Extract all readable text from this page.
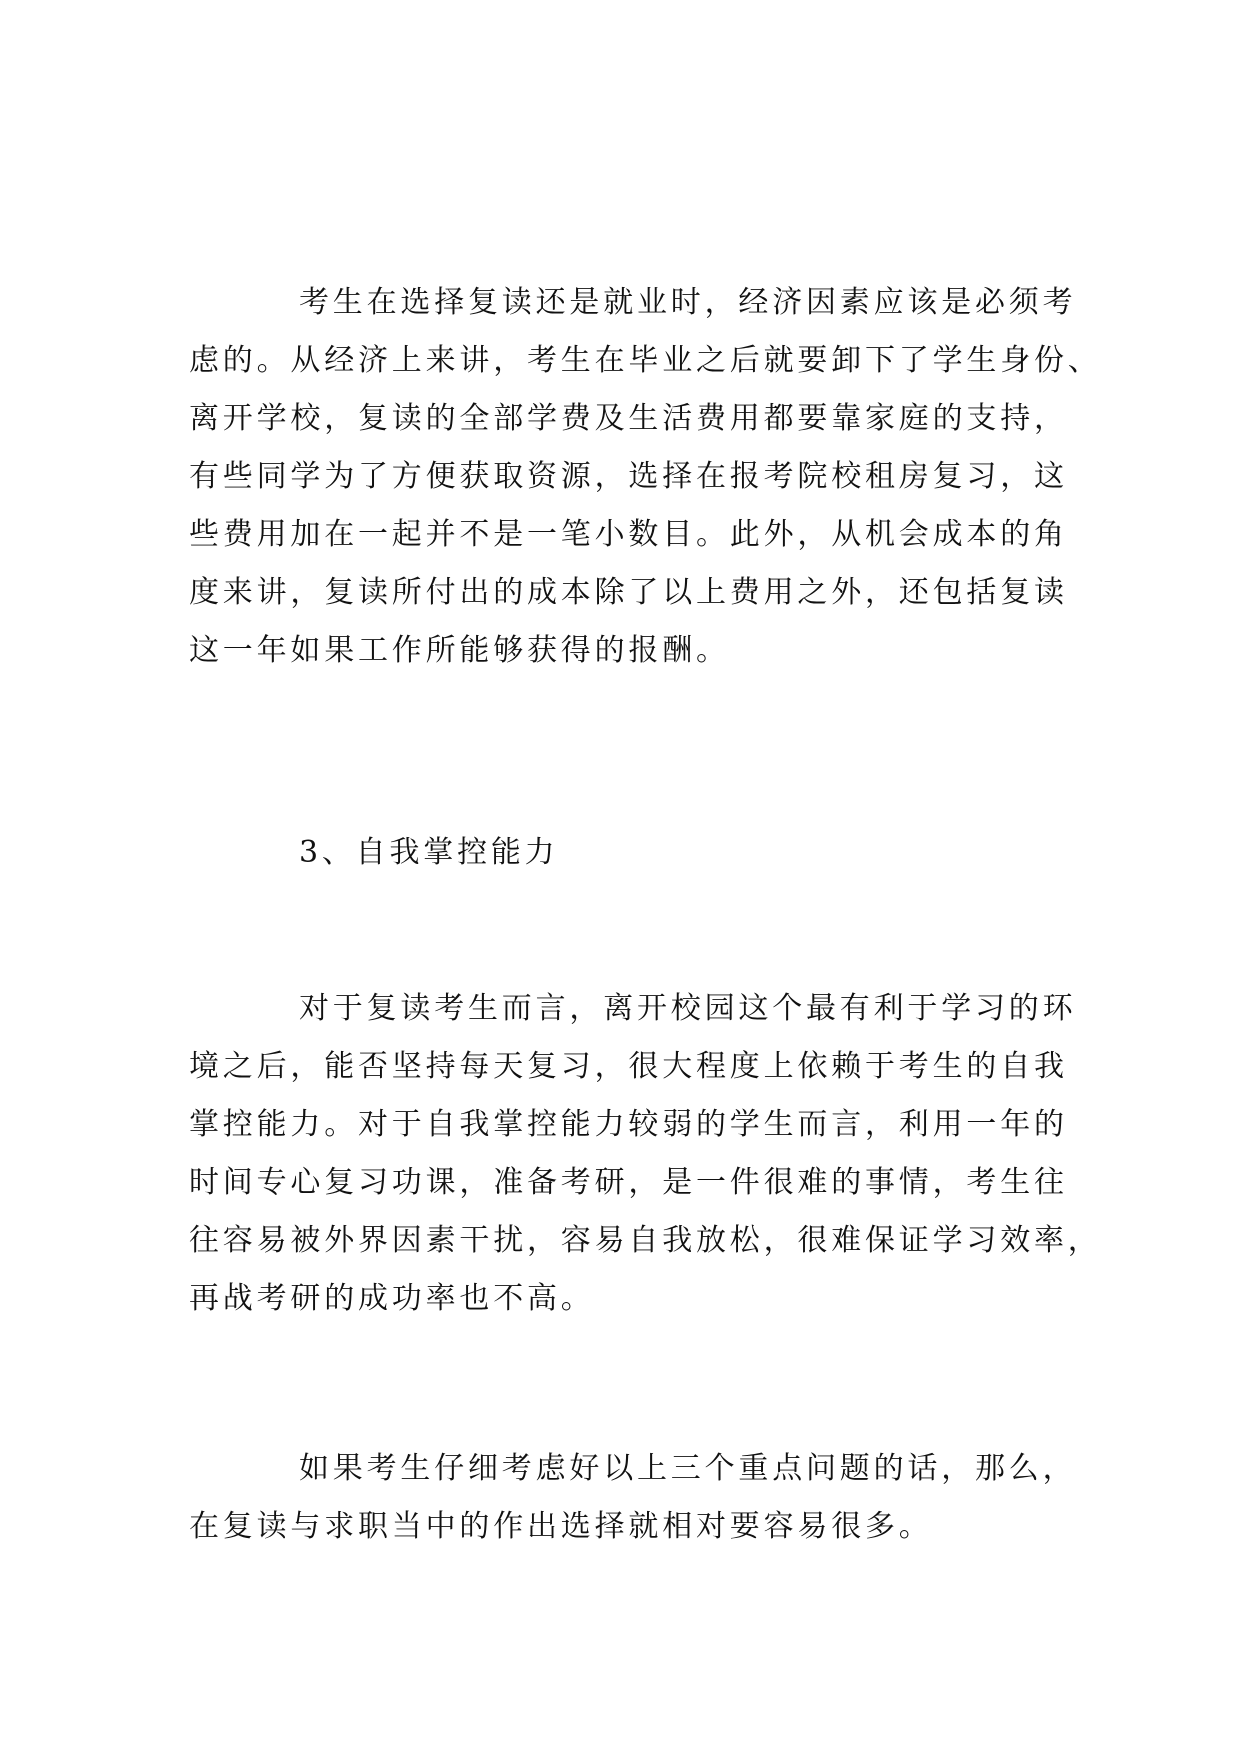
考生在选择复读还是就业时，经济因素应该是必须考
虑的。从经济上来讲，考生在毕业之后就要卸下了学生身份、
离开学校，复读的全部学费及生活费用都要靠家庭的支持，
有些同学为了方便获取资源，选择在报考院校租房复习，这
些费用加在一起并不是一笔小数目。此外，从机会成本的角
度来讲，复读所付出的成本除了以上费用之外，还包括复读
这一年如果工作所能够获得的报酬。
3、自我掌控能力
对于复读考生而言，离开校园这个最有利于学习的环
境之后，能否坚持每天复习，很大程度上依赖于考生的自我
掌控能力。对于自我掌控能力较弱的学生而言，利用一年的
时间专心复习功课，准备考研，是一件很难的事情，考生往
往容易被外界因素干扰，容易自我放松，很难保证学习效率，
再战考研的成功率也不高。
如果考生仔细考虑好以上三个重点问题的话，那么，
在复读与求职当中的作出选择就相对要容易很多。
